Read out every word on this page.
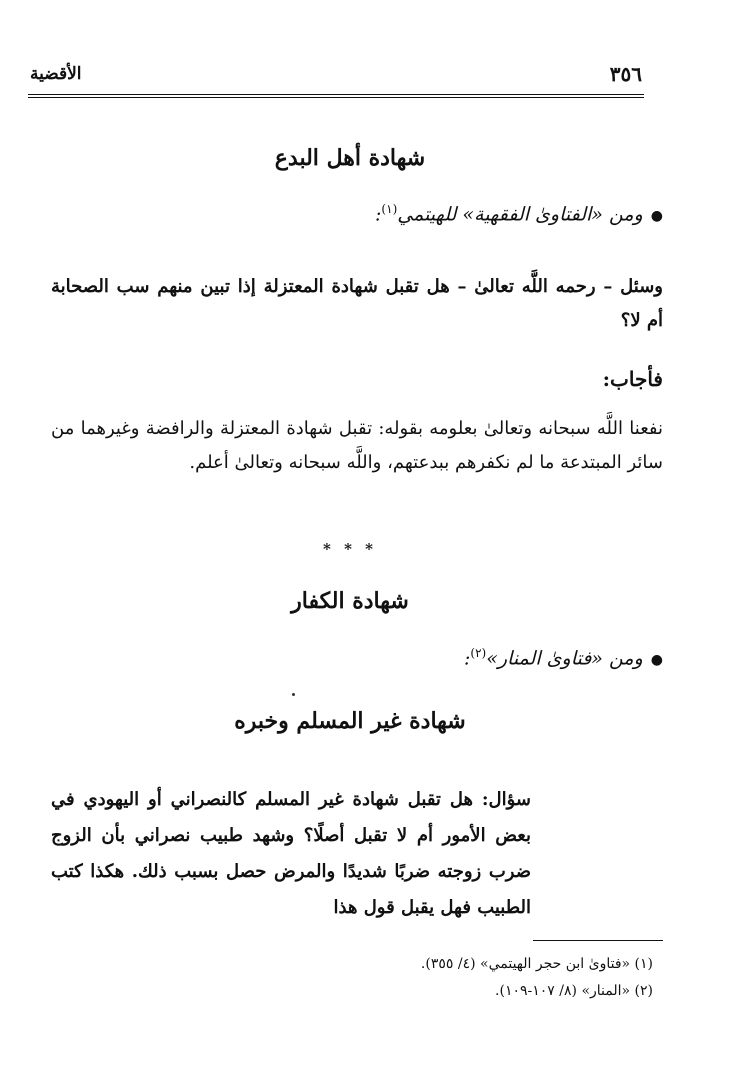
٣٥٦
الأقضية
شهادة أهل البدع
●ومن «الفتاوىٰ الفقهية» للهيتمي$^{(١)}$:

وسئل – رحمه اللَّه تعالىٰ – هل تقبل شهادة المعتزلة إذا تبين منهم سب الصحابة أم لا؟

فأجاب:

نفعنا اللَّه سبحانه وتعالىٰ بعلومه بقوله: تقبل شهادة المعتزلة والرافضة وغيرهما من سائر المبتدعة ما لم نكفرهم ببدعتهم، واللَّه سبحانه وتعالىٰ أعلم.

* * *
شهادة الكفار
●ومن «فتاوىٰ المنار»$^{(٢)}$:
شهادة غير المسلم وخبره

سؤال: هل تقبل شهادة غير المسلم كالنصراني أو اليهودي في بعض الأمور أم لا تقبل أصلًا؟ وشهد طبيب نصراني بأن الزوج ضرب زوجته ضربًا شديدًا والمرض حصل بسبب ذلك. هكذا كتب الطبيب فهل يقبل قول هذا

(١) «فتاوىٰ ابن حجر الهيتمي» (٤/ ٣٥٥).
(٢) «المنار» (٨/ ١٠٧-١٠٩).
